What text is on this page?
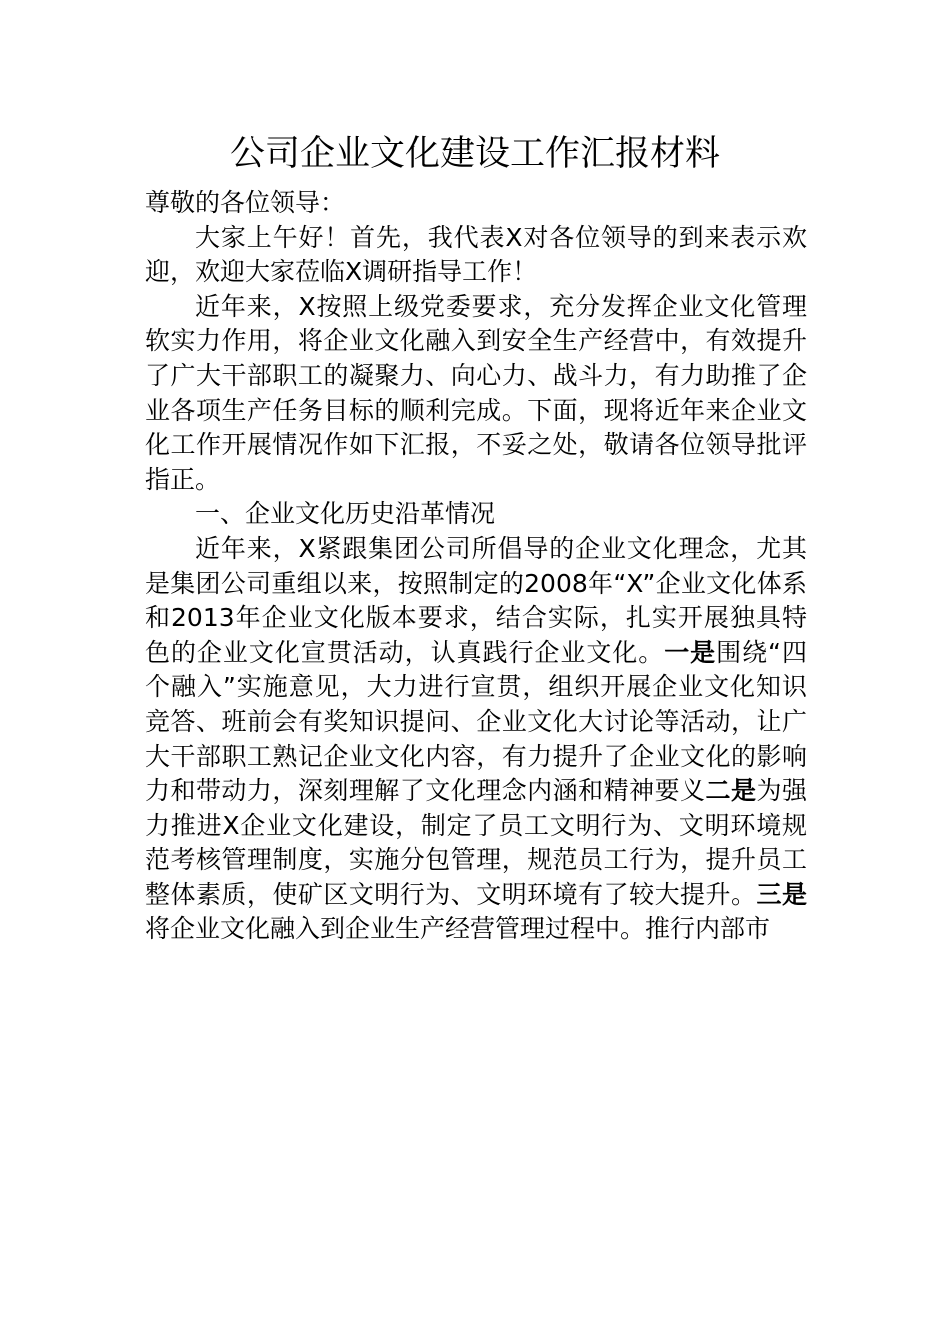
公司企业文化建设工作汇报材料

尊敬的各位领导：

大家上午好！首先，我代表X对各位领导的到来表示欢迎，欢迎大家莅临X调研指导工作！

近年来，X按照上级党委要求，充分发挥企业文化管理软实力作用，将企业文化融入到安全生产经营中，有效提升了广大干部职工的凝聚力、向心力、战斗力，有力助推了企业各项生产任务目标的顺利完成。下面，现将近年来企业文化工作开展情况作如下汇报，不妥之处，敬请各位领导批评指正。

一、企业文化历史沿革情况

近年来，X紧跟集团公司所倡导的企业文化理念，尤其是集团公司重组以来，按照制定的2008年“X”企业文化体系和2013年企业文化版本要求，结合实际，扎实开展独具特色的企业文化宣贯活动，认真践行企业文化。一是围绕“四个融入”实施意见，大力进行宣贯，组织开展企业文化知识竞答、班前会有奖知识提问、企业文化大讨论等活动，让广大干部职工熟记企业文化内容，有力提升了企业文化的影响力和带动力，深刻理解了文化理念内涵和精神要义二是为强力推进X企业文化建设，制定了员工文明行为、文明环境规范考核管理制度，实施分包管理，规范员工行为，提升员工整体素质，使矿区文明行为、文明环境有了较大提升。三是将企业文化融入到企业生产经营管理过程中。推行内部市
